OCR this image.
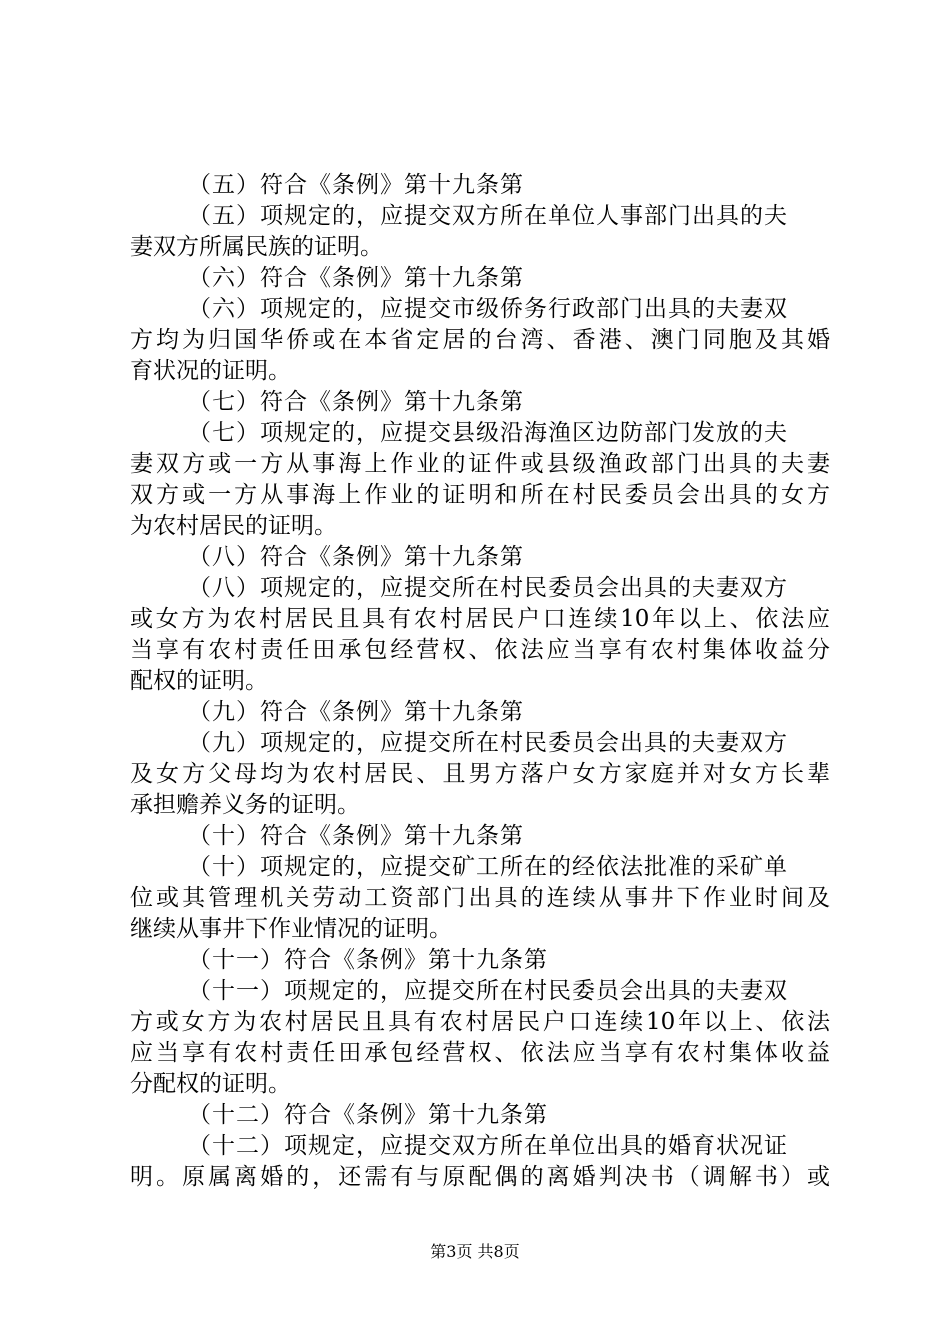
（五）符合《条例》第十九条第
（五）项规定的，应提交双方所在单位人事部门出具的夫
妻双方所属民族的证明。
（六）符合《条例》第十九条第
（六）项规定的，应提交市级侨务行政部门出具的夫妻双
方均为归国华侨或在本省定居的台湾、香港、澳门同胞及其婚
育状况的证明。
（七）符合《条例》第十九条第
（七）项规定的，应提交县级沿海渔区边防部门发放的夫
妻双方或一方从事海上作业的证件或县级渔政部门出具的夫妻
双方或一方从事海上作业的证明和所在村民委员会出具的女方
为农村居民的证明。
（八）符合《条例》第十九条第
（八）项规定的，应提交所在村民委员会出具的夫妻双方
或女方为农村居民且具有农村居民户口连续10年以上、依法应
当享有农村责任田承包经营权、依法应当享有农村集体收益分
配权的证明。
（九）符合《条例》第十九条第
（九）项规定的，应提交所在村民委员会出具的夫妻双方
及女方父母均为农村居民、且男方落户女方家庭并对女方长辈
承担赡养义务的证明。
（十）符合《条例》第十九条第
（十）项规定的，应提交矿工所在的经依法批准的采矿单
位或其管理机关劳动工资部门出具的连续从事井下作业时间及
继续从事井下作业情况的证明。
（十一）符合《条例》第十九条第
（十一）项规定的，应提交所在村民委员会出具的夫妻双
方或女方为农村居民且具有农村居民户口连续10年以上、依法
应当享有农村责任田承包经营权、依法应当享有农村集体收益
分配权的证明。
（十二）符合《条例》第十九条第
（十二）项规定，应提交双方所在单位出具的婚育状况证
明。原属离婚的，还需有与原配偶的离婚判决书（调解书）或
第3页 共8页
